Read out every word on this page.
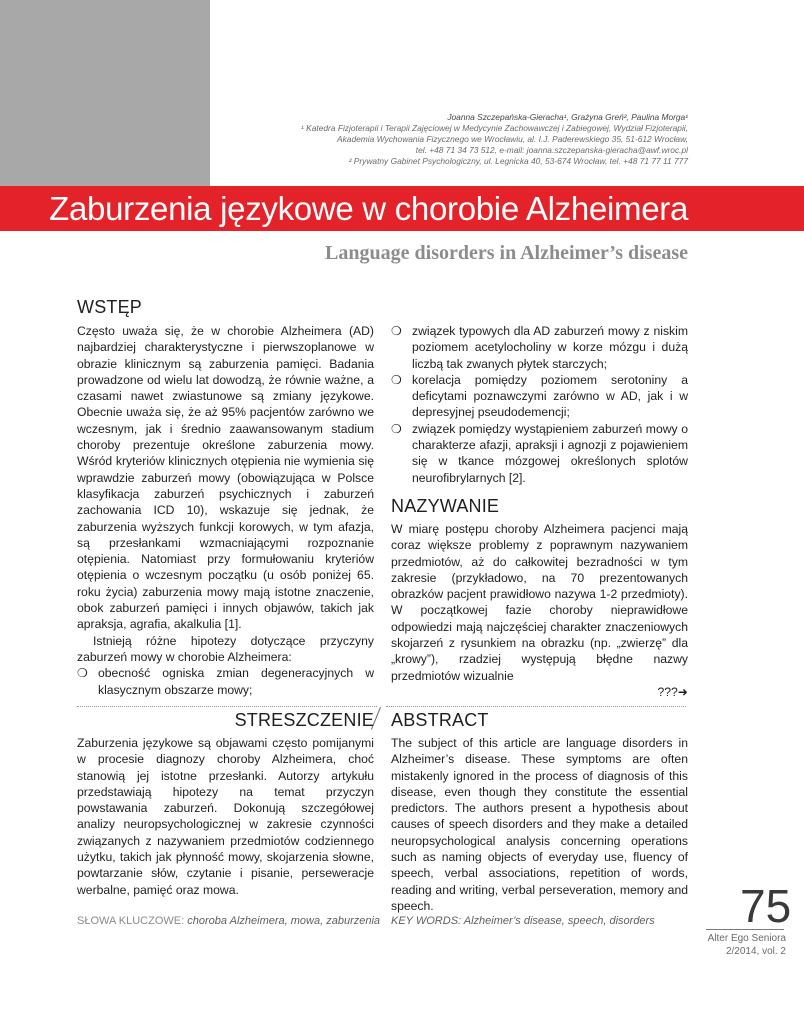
Joanna Szczepańska-Gieracha¹, Grażyna Greń², Paulina Morga¹
¹ Katedra Fizjoterapii i Terapii Zajęciowej w Medycynie Zachowawczej i Zabiegowej, Wydział Fizjoterapii,
Akademia Wychowania Fizycznego we Wrocławiu, al. I.J. Paderewskiego 35, 51-612 Wrocław,
tel. +48 71 34 73 512, e-mail: joanna.szczepanska-gieracha@awf.wroc.pl
² Prywatny Gabinet Psychologiczny, ul. Legnicka 40, 53-674 Wrocław, tel. +48 71 77 11 777
Zaburzenia językowe w chorobie Alzheimera
Language disorders in Alzheimer’s disease
WSTĘP

Często uważa się, że w chorobie Alzheimera (AD) najbardziej charakterystyczne i pierwszoplanowe w obrazie klinicznym są zaburzenia pamięci. Badania prowadzone od wielu lat dowodzą, że równie ważne, a czasami nawet zwiastunowe są zmiany językowe. Obecnie uważa się, że aż 95% pacjentów zarówno we wczesnym, jak i średnio zaawansowanym stadium choroby prezentuje określone zaburzenia mowy. Wśród kryteriów klinicznych otępienia nie wymienia się wprawdzie zaburzeń mowy (obowiązująca w Polsce klasyfikacja zaburzeń psychicznych i zaburzeń zachowania ICD 10), wskazuje się jednak, że zaburzenia wyższych funkcji korowych, w tym afazja, są przesłankami wzmacniającymi rozpoznanie otępienia. Natomiast przy formułowaniu kryteriów otępienia o wczesnym początku (u osób poniżej 65. roku życia) zaburzenia mowy mają istotne znaczenie, obok zaburzeń pamięci i innych objawów, takich jak apraksja, agrafia, akalkulia [1].

Istnieją różne hipotezy dotyczące przyczyny zaburzeń mowy w chorobie Alzheimera:

❍ obecność ogniska zmian degeneracyjnych w klasycznym obszarze mowy;
❍ związek typowych dla AD zaburzeń mowy z niskim poziomem acetylocholiny w korze mózgu i dużą liczbą tak zwanych płytek starczych;
❍ korelacja pomiędzy poziomem serotoniny a deficytami poznawczymi zarówno w AD, jak i w depresyjnej pseudodemencji;
❍ związek pomiędzy wystąpieniem zaburzeń mowy o charakterze afazji, apraksji i agnozji z pojawieniem się w tkance mózgowej określonych splotów neurofibrylarnych [2].
NAZYWANIE

W miarę postępu choroby Alzheimera pacjenci mają coraz większe problemy z poprawnym nazywaniem przedmiotów, aż do całkowitej bezradności w tym zakresie (przykładowo, na 70 prezentowanych obrazków pacjent prawidłowo nazywa 1-2 przedmioty). W początkowej fazie choroby nieprawidłowe odpowiedzi mają najczęściej charakter znaczeniowych skojarzeń z rysunkiem na obrazku (np. „zwierzę” dla „krowy”), rzadziej występują błędne nazwy przedmiotów wizualnie

???➜
STRESZCZENIE ABSTRACT
Zaburzenia językowe są objawami często pomijanymi w procesie diagnozy choroby Alzheimera, choć stanowią jej istotne przesłanki. Autorzy artykułu przedstawiają hipotezy na temat przyczyn powstawania zaburzeń. Dokonują szczegółowej analizy neuropsychologicznej w zakresie czynności związanych z nazywaniem przedmiotów codziennego użytku, takich jak płynność mowy, skojarzenia słowne, powtarzanie słów, czytanie i pisanie, perseweracje werbalne, pamięć oraz mowa.
The subject of this article are language disorders in Alzheimer’s disease. These symptoms are often mistakenly ignored in the process of diagnosis of this disease, even though they constitute the essential predictors. The authors present a hypothesis about causes of speech disorders and they make a detailed neuropsychological analysis concerning operations such as naming objects of everyday use, fluency of speech, verbal associations, repetition of words, reading and writing, verbal perseveration, memory and speech.
SŁOWA KLUCZOWE: choroba Alzheimera, mowa, zaburzenia KEY WORDS: Alzheimer’s disease, speech, disorders 75
Alter Ego Seniora
2/2014, vol. 2
